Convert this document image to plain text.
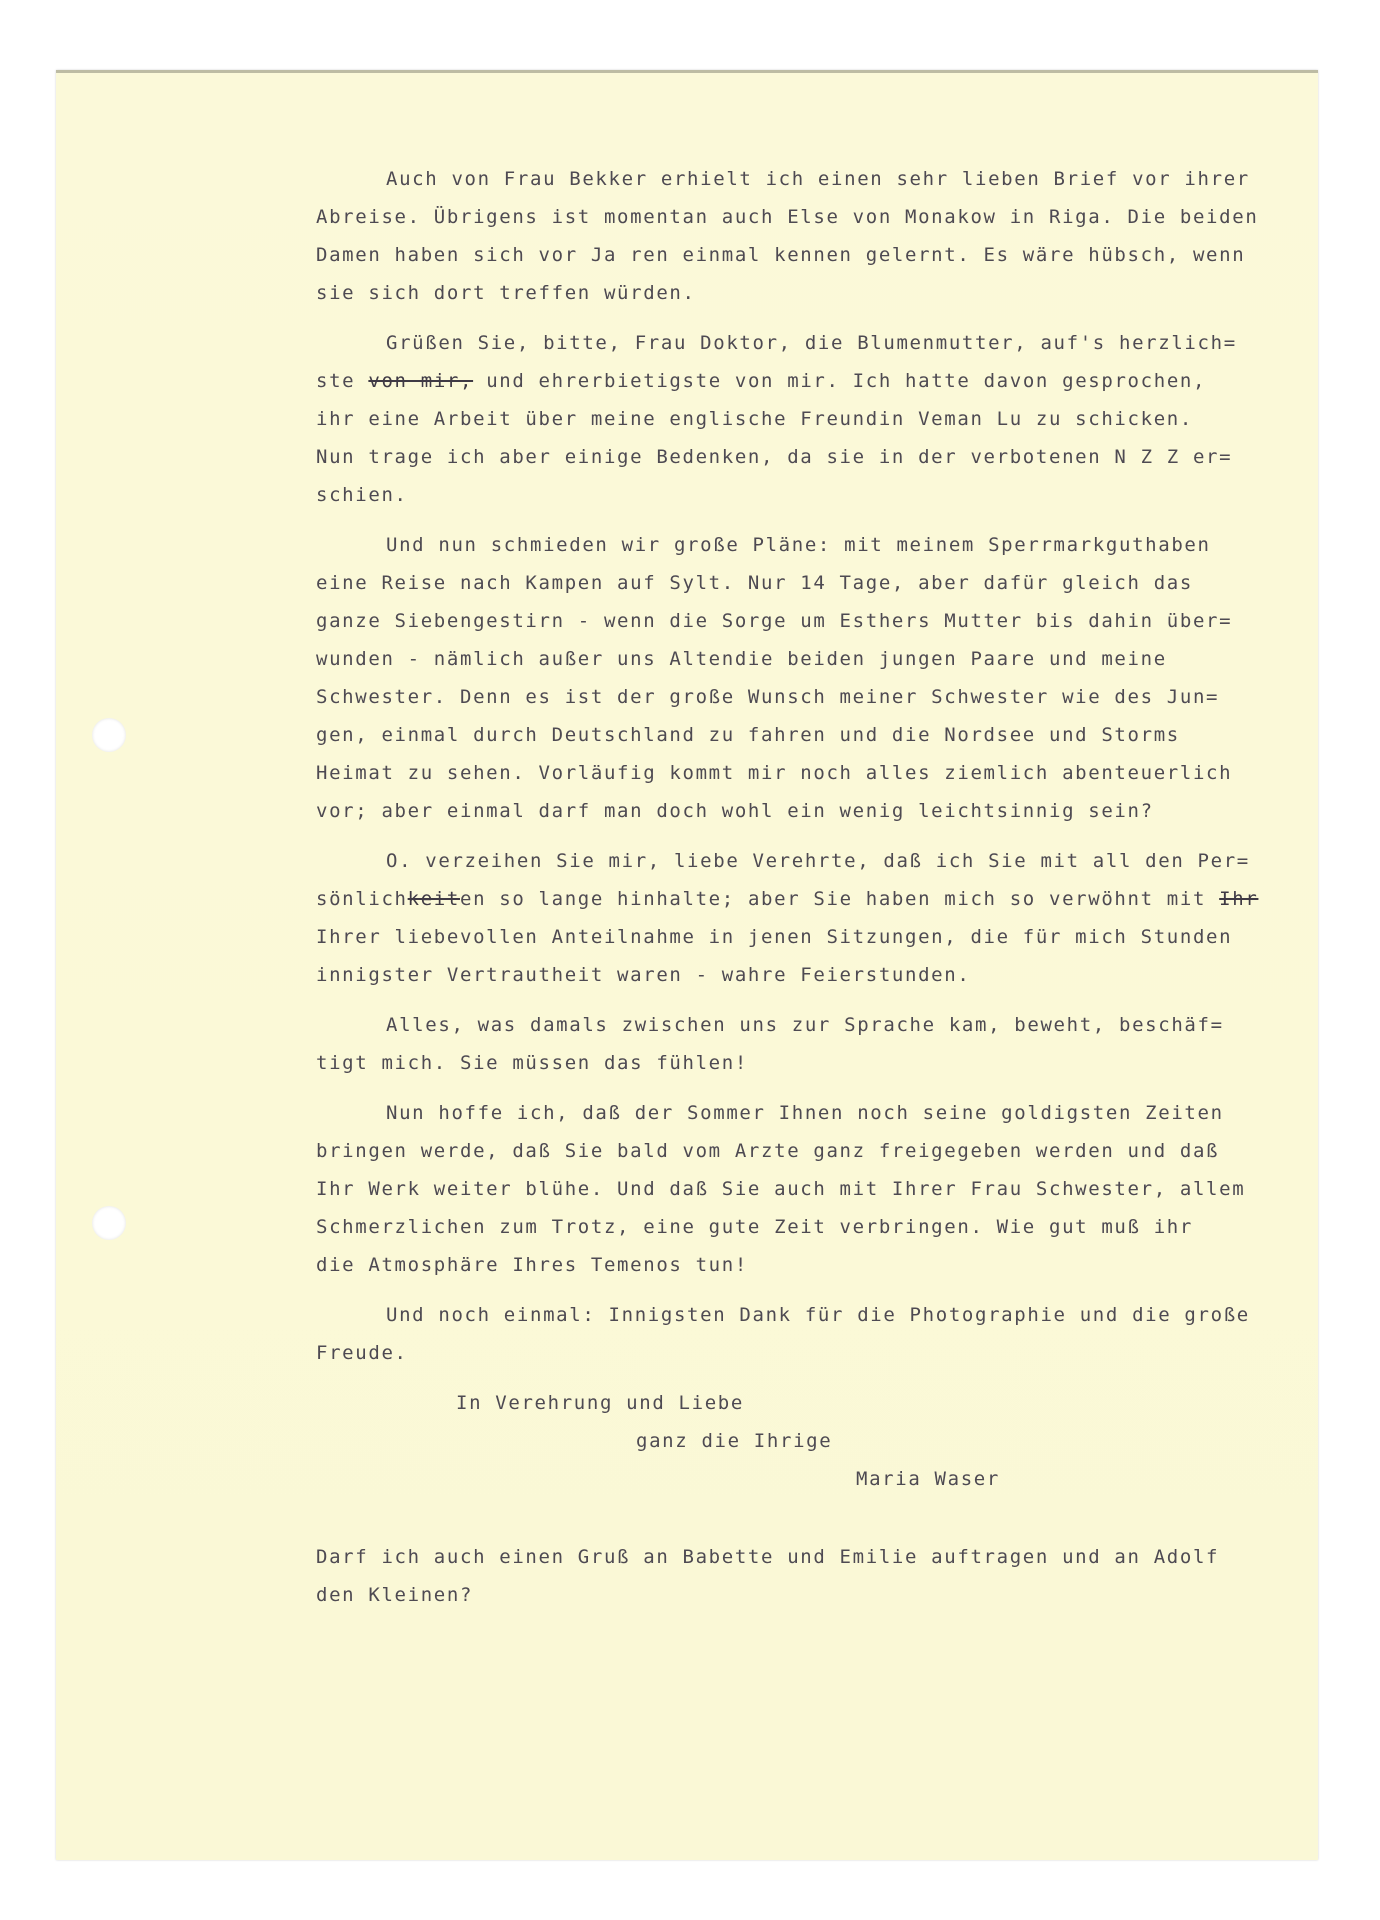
Auch von Frau Bekker erhielt ich einen sehr lieben Brief vor ihrer
Abreise. Übrigens ist momentan auch Else von Monakow in Riga. Die beiden
Damen haben sich vor Ja ren einmal kennen gelernt. Es wäre hübsch, wenn
sie sich dort treffen würden.
Grüßen Sie, bitte, Frau Doktor, die Blumenmutter, auf's herzlich=
ste von mir, und ehrerbietigste von mir. Ich hatte davon gesprochen,
ihr eine Arbeit über meine englische Freundin Veman Lu zu schicken.
Nun trage ich aber einige Bedenken, da sie in der verbotenen N Z Z er=
schien.
Und nun schmieden wir große Pläne: mit meinem Sperrmarkguthaben
eine Reise nach Kampen auf Sylt. Nur 14 Tage, aber dafür gleich das
ganze Siebengestirn - wenn die Sorge um Esthers Mutter bis dahin über=
wunden - nämlich außer uns Altendie beiden jungen Paare und meine
Schwester. Denn es ist der große Wunsch meiner Schwester wie des Jun=
gen, einmal durch Deutschland zu fahren und die Nordsee und Storms
Heimat zu sehen. Vorläufig kommt mir noch alles ziemlich abenteuerlich
vor; aber einmal darf man doch wohl ein wenig leichtsinnig sein?
O. verzeihen Sie mir, liebe Verehrte, daß ich Sie mit all den Per=
sönlichkeiten so lange hinhalte; aber Sie haben mich so verwöhnt mit Ihr
Ihrer liebevollen Anteilnahme in jenen Sitzungen, die für mich Stunden
innigster Vertrautheit waren - wahre Feierstunden.
Alles, was damals zwischen uns zur Sprache kam, beweht, beschäf=
tigt mich. Sie müssen das fühlen!
Nun hoffe ich, daß der Sommer Ihnen noch seine goldigsten Zeiten
bringen werde, daß Sie bald vom Arzte ganz freigegeben werden und daß
Ihr Werk weiter blühe. Und daß Sie auch mit Ihrer Frau Schwester, allem
Schmerzlichen zum Trotz, eine gute Zeit verbringen. Wie gut muß ihr
die Atmosphäre Ihres Temenos tun!
Und noch einmal: Innigsten Dank für die Photographie und die große
Freude.
In Verehrung und Liebe
ganz die Ihrige
Maria Waser
Darf ich auch einen Gruß an Babette und Emilie auftragen und an Adolf
den Kleinen?
